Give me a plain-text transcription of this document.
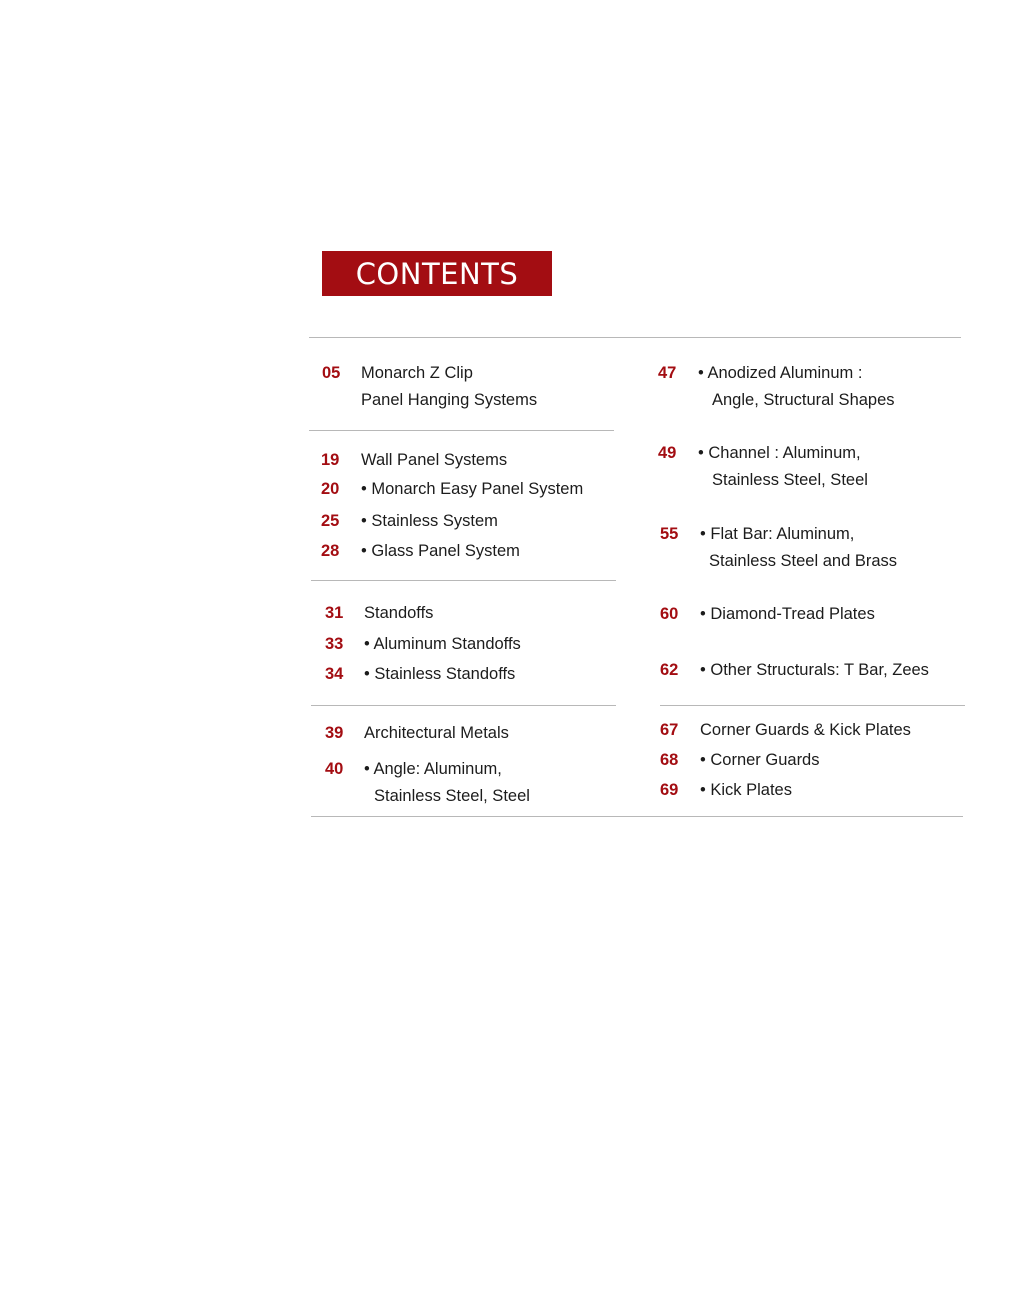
CONTENTS
05 Monarch Z Clip
Panel Hanging Systems
19 Wall Panel Systems
20 • Monarch Easy Panel System
25 • Stainless System
28 • Glass Panel System
31 Standoffs
33 • Aluminum Standoffs
34 • Stainless Standoffs
39 Architectural Metals
40 • Angle: Aluminum,
Stainless Steel, Steel
47 • Anodized Aluminum :
Angle, Structural Shapes
49 • Channel : Aluminum,
Stainless Steel, Steel
55 • Flat Bar: Aluminum,
Stainless Steel and Brass
60 • Diamond-Tread Plates
62 • Other Structurals: T Bar, Zees
67 Corner Guards & Kick Plates
68 • Corner Guards
69 • Kick Plates
